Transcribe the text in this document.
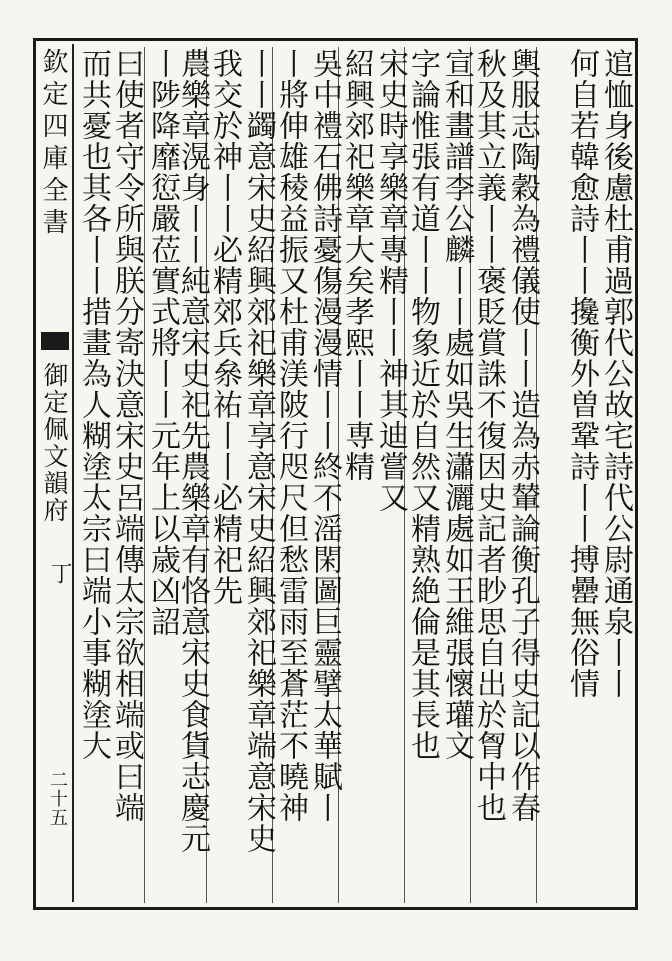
欽定四庫全書
御定佩文韻府
丁
二十五
逭恤身後慮杜甫過郭代公故宅詩代公尉通泉丨丨
何自若韓愈詩丨丨攙衡外曽鞏詩丨丨搏罍無俗情
輿服志陶穀為禮儀使丨丨造為赤輦論衡孔子得史記以作春
秋及其立義丨丨褒貶賞誅不復因史記者眇思自出於胷中也
宣和畫譜李公麟丨丨處如吳生瀟灑處如王維張懷瓘文
字論惟張有道丨丨物象近於自然又精熟絶倫是其長也
宋史時享樂章專精丨丨神其迪嘗又
紹興郊祀樂章大矣孝熙丨丨専精
吳中禮石佛詩憂傷漫漫情丨丨終不滛閑圖巨靈擘太華賦丨
丨將伸雄稜益振又杜甫渼陂行咫尺但愁雷雨至蒼茫不曉神
丨丨蠲意宋史紹興郊祀樂章享意宋史紹興郊祀樂章端意宋史
我交於神丨丨必精郊兵㕘祐丨丨必精祀先
農樂章滉身丨丨純意宋史祀先農樂章有恪意宋史食貨志慶元
丨陟降靡愆嚴莅實式將丨丨元年上以歳凶詔
曰使者守令所與朕分寄決意宋史呂端傳太宗欲相端或曰端
而共憂也其各丨丨措畫為人糊塗太宗曰端小事糊塗大
